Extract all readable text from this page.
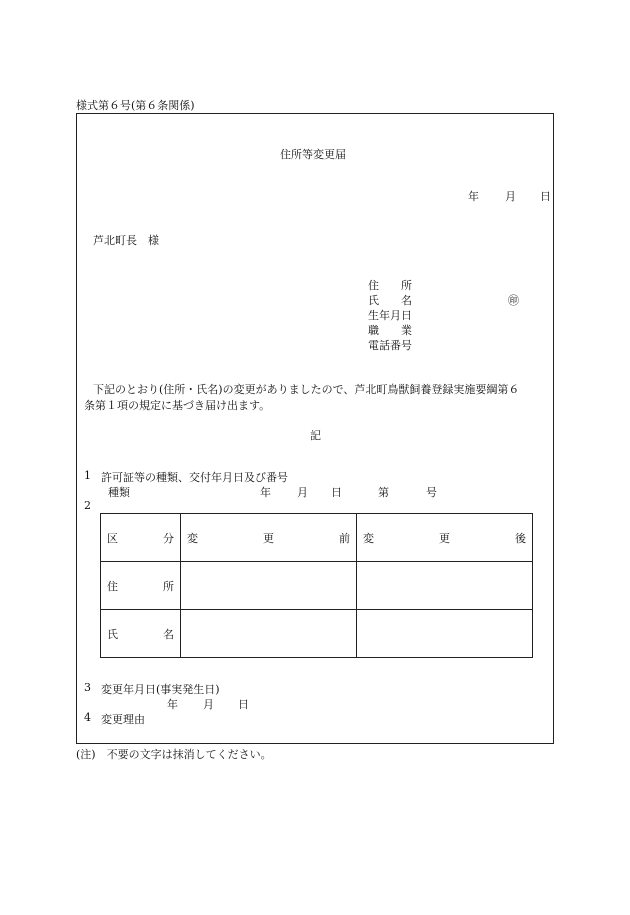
様式第６号(第６条関係)
住所等変更届
年 月 日
芦北町長　様
住　　所
氏　　名	㊞
生年月日
職　　業
電話番号
下記のとおり(住所・氏名)の変更がありましたので、芦北町鳥獣飼養登録実施要綱第６
条第１項の規定に基づき届け出ます。
記
1 許可証等の種類、交付年月日及び番号
種類	年 月 日	第	号
2
区 分	変 更 前	変 更 後

住 所		

氏 名		

3 変更年月日(事実発生日)
年 月 日
4 変更理由
(注)　不要の文字は抹消してください。
